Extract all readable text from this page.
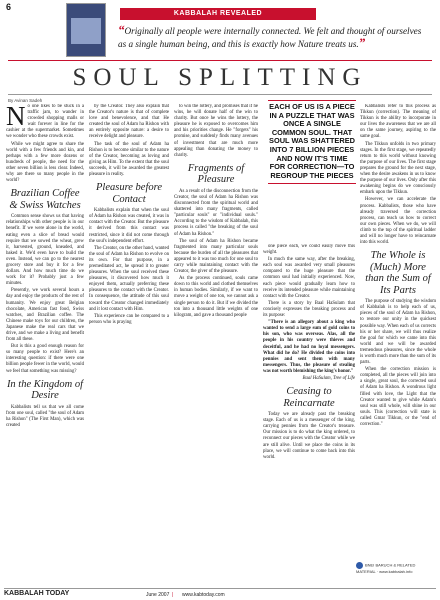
6
KABBALAH REVEALED
“Originally all people were internally connected. We felt and thought of ourselves as a single human being, and this is exactly how Nature treats us.”
SOUL SPLITTING
By Avinan Sadeh

No one likes to be stuck in a traffic jam, to wander in crowded shopping malls or wait forever in line for the cashier at the supermarket. Sometimes we wonder who these crowds exist.

While we might agree to share the world with a few friends and kin, and perhaps with a few more dozens or hundreds of people, the need for the other seven billion is less clear. Indeed, why are there so many people in the world?

Brazilian Coffee & Swiss Watches

Common sense shows us that having relationships with other people is in our benefit. If we were alone in the world, eating even a slice of bread would require that we sowed the wheat, grew it, harvested, ground, kneaded, and baked it. We'd even have to build the oven. Instead, we can go to the nearest grocery store and buy it for a few dollars. And how much time do we work for it? Probably just a few minutes.

Presently, we work several hours a day and enjoy the products of the rest of humanity. We enjoy great Belgian chocolate, American fast food, Swiss watches, and Brazilian coffee. The Chinese make toys for our children, the Japanese make the real cars that we drive, and we make a living and benefit from all these.

But is this a good enough reason for so many people to exist? Here's an interesting question: if there were one billion people fewer in the world, would we feel that something was missing?

In the Kingdom of Desire

Kabbalists tell us that we all come from one soul, called "the soul of Adam ha Rishon" (The First Man), which was created

by the Creator. They also explain that the Creator's nature is that of complete love and benevolence, and that He created the soul of Adam ha Rishon with an entirely opposite nature: a desire to receive delight and pleasure.

The task of the soul of Adam ha Rishon is to become similar to the nature of the Creator, becoming as loving and giving as Him. To the extent that the soul succeeds, it will be awarded the greatest pleasure in reality.

Pleasure before Contact

Kabbalists explain that when the soul of Adam ha Rishon was created, it was in contact with the Creator. But the pleasure it derived from this contact was restricted, since it did not come through the soul's independent effort.

The Creator, on the other hand, wanted the soul of Adam ha Rishon to evolve on its own. For that purpose, in a premeditated act, he spread it to greater pleasures. When the soul received these pleasures, it discovered how much it enjoyed them, actually preferring these pleasures to the contact with the Creator. In consequence, the attitude of this soul toward the Creator changed immediately and it lost contact with Him.

This experience can be compared to a person who is praying

to win the lottery, and promises that if he wins, he will donate half of the win to charity. But once he wins the lottery, the pleasure he is exposed to overcomes him and his priorities change. He "forgets" his promise, and suddenly finds many avenues of investment that are much more appealing than donating the money to charity.

Fragments of Pleasure

As a result of the disconnection from the Creator, the soul of Adam ha Rishon was disconnected from the spiritual world and shattered into many fragments, called "particular souls" or "individual souls." According to the wisdom of Kabbalah, this process is called "the breaking of the soul of Adam ha Rishon."

The soul of Adam ha Rishon became fragmented into many particular souls because the burden of all the pleasures that appeared to it was too much for one soul to carry while maintaining contact with the Creator, the giver of the pleasure.

As the process continued, souls came down to this world and clothed themselves in human bodies. Similarly, if we want to move a weight of one ton, we cannot ask a single person to do it. But if we divided the ton into a thousand little weights of one kilogram, and gave a thousand people

EACH OF US IS A PIECE IN A PUZZLE THAT WAS ONCE A SINGLE COMMON SOUL. THAT SOUL WAS SHATTERED INTO 7 BILLION PIECES AND NOW IT'S TIME FOR CORRECTION—TO REGROUP THE PIECES

one piece each, we could easily move this weight.

In much the same way, after the breaking, each soul was awarded very small pleasures compared to the huge pleasure that the common soul had initially experienced. Now, each piece would gradually learn how to receive its intended pleasure while maintaining contact with the Creator.

There is a story by Baal HaSulam that concisely expresses the breaking process and its purpose:

"There is an allegory about a king who wanted to send a large sum of gold coins to his son, who was overseas. Alas, all the people in his country were thieves and deceitful, and he had no loyal messengers. What did he do? He divided the coins into pennies and sent them with many messengers. Thus, the pleasure of stealing was not worth blemishing the king's honor."

Baal HaSulam, Tree of Life
Ceasing to Reincarnate

Today we are already past the breaking stage. Each of us is a messenger of the king, carrying pennies from the Creator's treasure. Our mission is to do what the king ordered, to reconnect our pieces with the Creator while we are still alive. Until we place the coins in its place, we will continue to come back into this world.

Kabbalists refer to this process as Tikkun (correction). The meaning of Tikkun is the ability to incorporate in our lives the awareness that we are all on the same journey, aspiring to the same goal.

The Tikkun unfolds in two primary stages. In the first stage, we repeatedly return to this world without knowing the purpose of our lives. The first stage prepares the ground for the next stage, when the desire awakens in us to know the purpose of our lives. Only after this awakening begins do we consciously embark upon the Tikkun.

However, we can accelerate the process. Kabbalists, those who have already traversed the correction process, can teach us how to correct our own pieces. When we do, we will climb to the top of the spiritual ladder and will no longer have to reincarnate into this world.

The Whole is (Much) More than the Sum of Its Parts

The purpose of studying the wisdom of Kabbalah is to help each of us, pieces of the soul of Adam ha Rishon, to restore our unity in the quickest possible way. When each of us corrects his or her share, we will thus realize the goal for which we came into this world and we will be awarded tremendous pleasures, since the whole is worth much more than the sum of its parts.

When the correction mission is completed, all the pieces will join into a single, great soul, the corrected soul of Adam ha Rishon. A wondrous light filled with love, the Light that the Creator wanted to give while Adam's soul was still whole, will shine in our souls. This (correction will state is called Gmar Tikkun, or the "end of correction."

BNEI BARUCH & RELATED MATERIAL · www.kabbalah.info
KABBALAH TODAY	June 2007 | www.kabtoday.com
